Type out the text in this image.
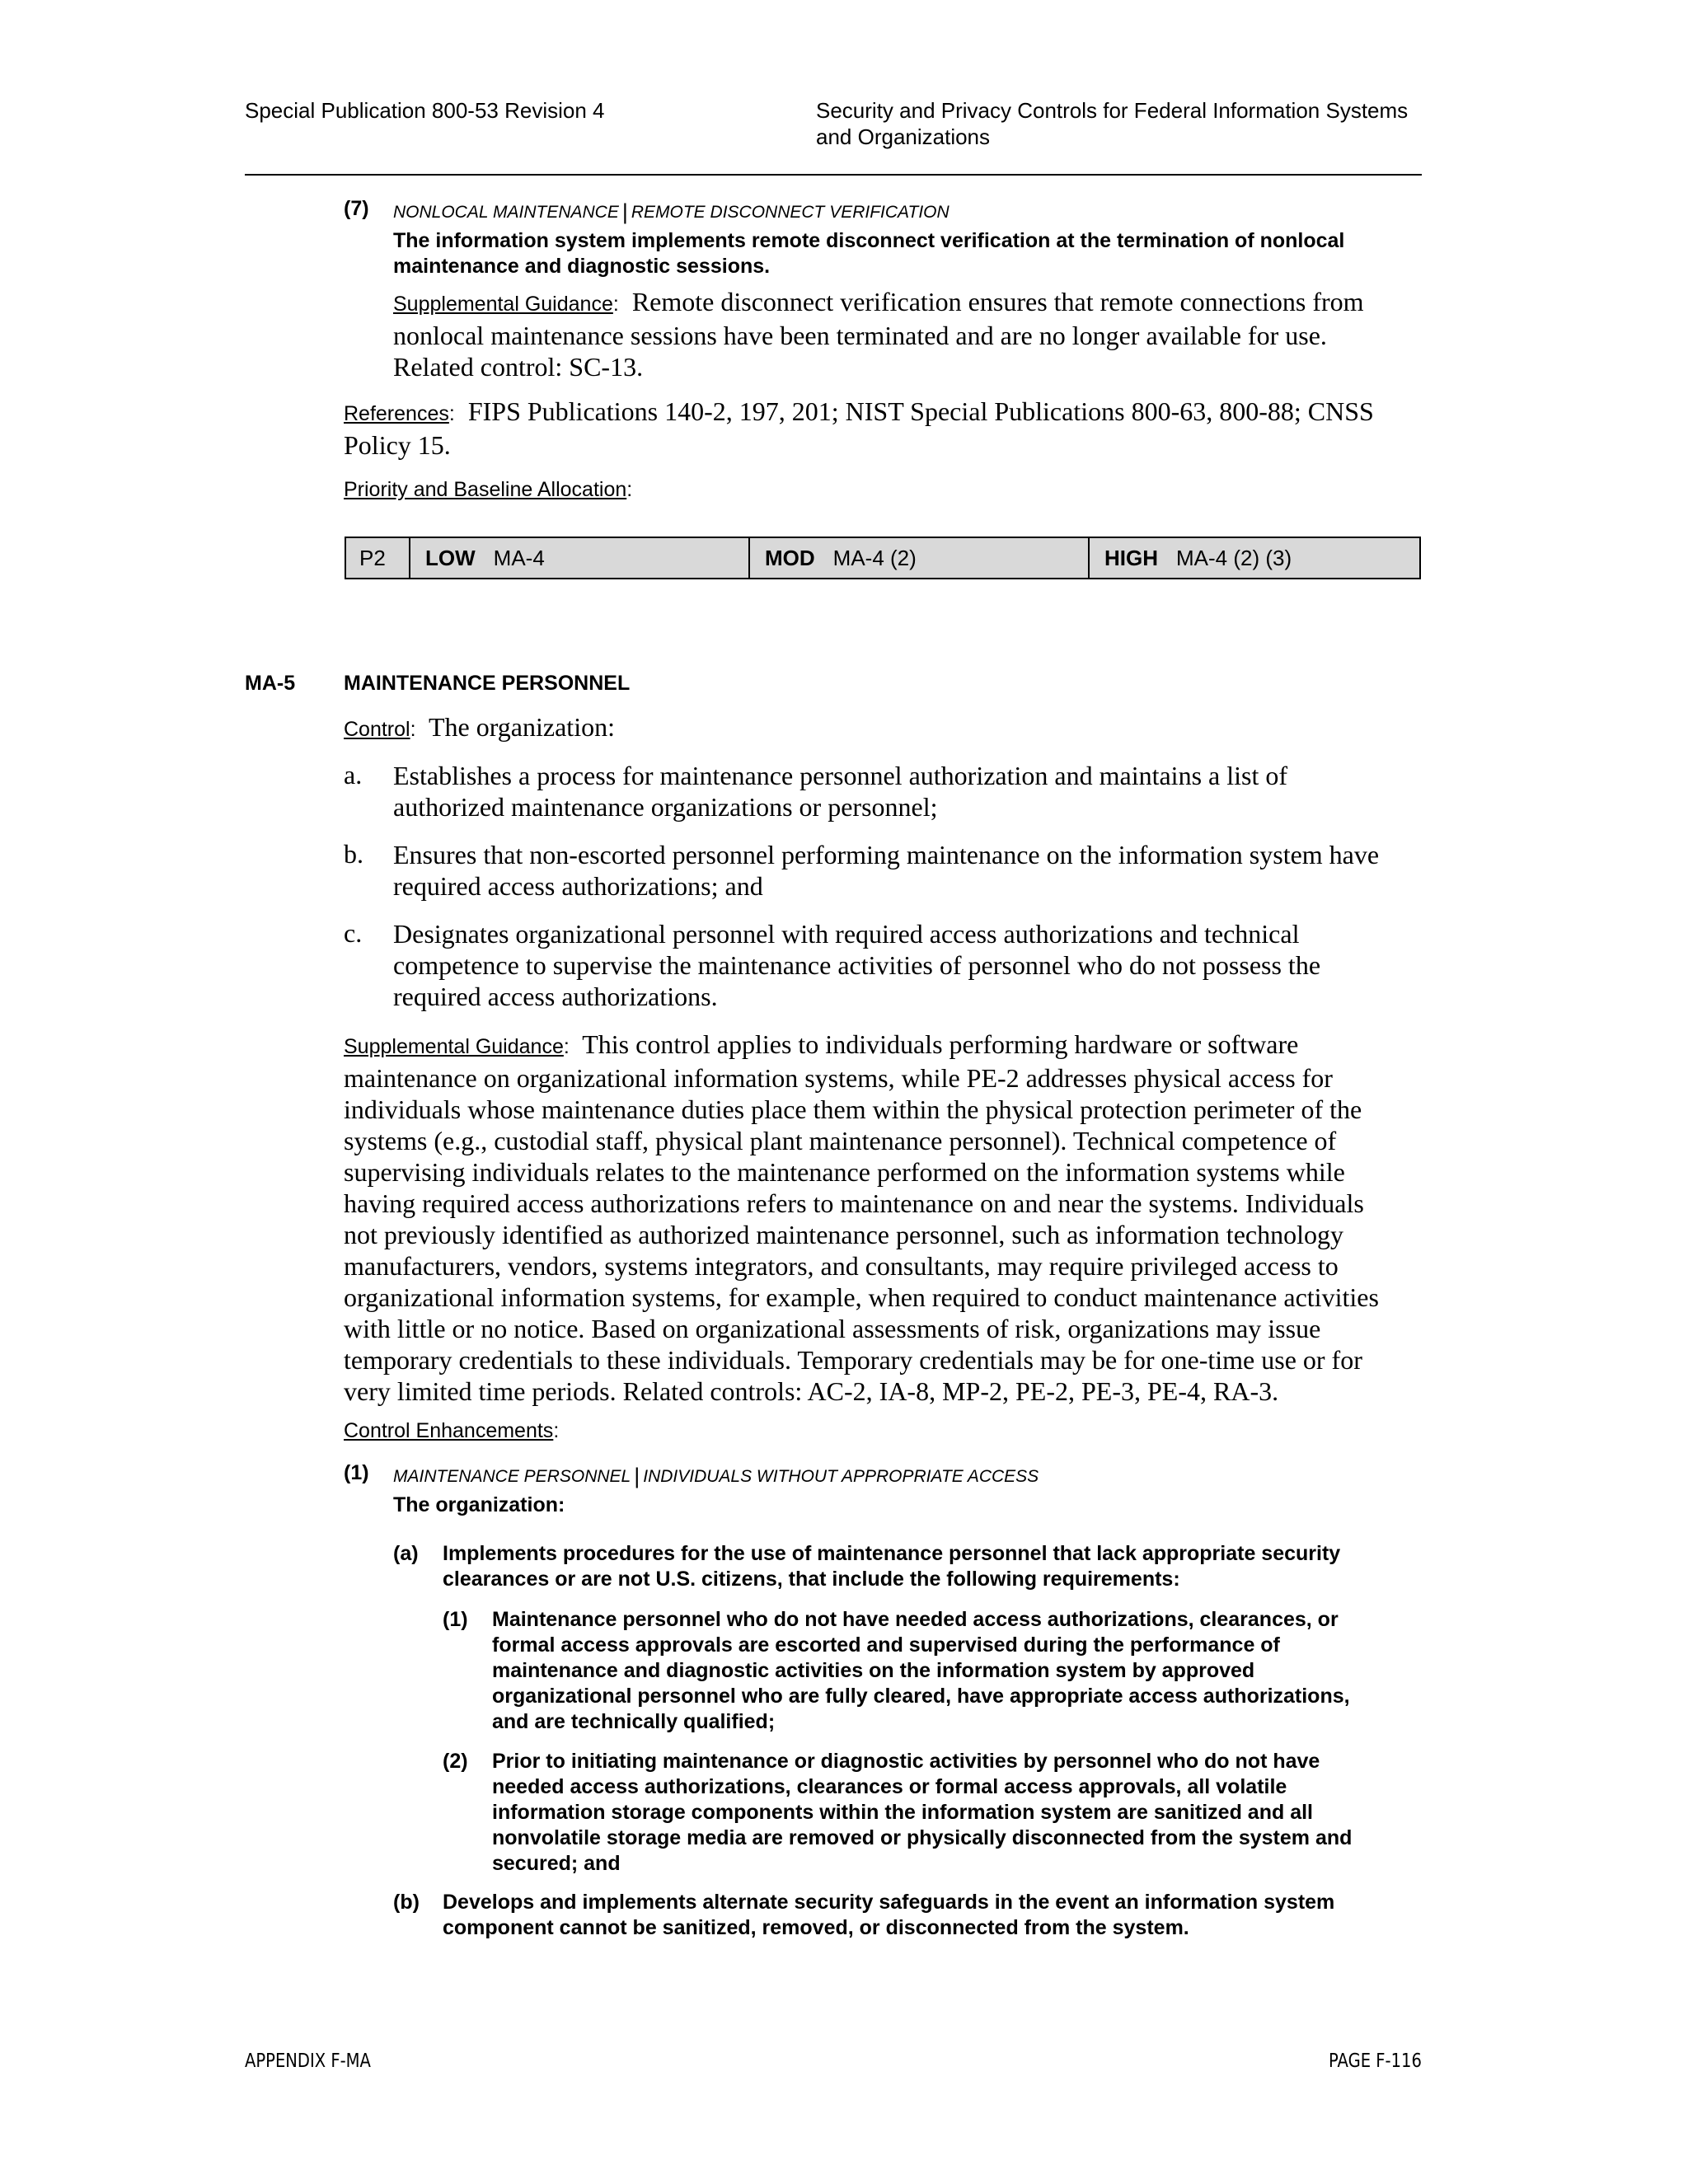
Special Publication 800-53 Revision 4	Security and Privacy Controls for Federal Information Systems
and Organizations
(7) NONLOCAL MAINTENANCE | REMOTE DISCONNECT VERIFICATION
The information system implements remote disconnect verification at the termination of nonlocal
maintenance and diagnostic sessions.
Supplemental Guidance: Remote disconnect verification ensures that remote connections from
nonlocal maintenance sessions have been terminated and are no longer available for use.
Related control: SC-13.
References: FIPS Publications 140-2, 197, 201; NIST Special Publications 800-63, 800-88; CNSS
Policy 15.
Priority and Baseline Allocation:
P2 LOW MA-4	MOD MA-4 (2)	HIGH MA-4 (2) (3)
MA-5 MAINTENANCE PERSONNEL
Control: The organization:
a. Establishes a process for maintenance personnel authorization and maintains a list of
authorized maintenance organizations or personnel;
b. Ensures that non-escorted personnel performing maintenance on the information system have
required access authorizations; and
c. Designates organizational personnel with required access authorizations and technical
competence to supervise the maintenance activities of personnel who do not possess the
required access authorizations.
Supplemental Guidance: This control applies to individuals performing hardware or software
maintenance on organizational information systems, while PE-2 addresses physical access for
individuals whose maintenance duties place them within the physical protection perimeter of the
systems (e.g., custodial staff, physical plant maintenance personnel). Technical competence of
supervising individuals relates to the maintenance performed on the information systems while
having required access authorizations refers to maintenance on and near the systems. Individuals
not previously identified as authorized maintenance personnel, such as information technology
manufacturers, vendors, systems integrators, and consultants, may require privileged access to
organizational information systems, for example, when required to conduct maintenance activities
with little or no notice. Based on organizational assessments of risk, organizations may issue
temporary credentials to these individuals. Temporary credentials may be for one-time use or for
very limited time periods. Related controls: AC-2, IA-8, MP-2, PE-2, PE-3, PE-4, RA-3.
Control Enhancements:
(1) MAINTENANCE PERSONNEL | INDIVIDUALS WITHOUT APPROPRIATE ACCESS
The organization:
(a) Implements procedures for the use of maintenance personnel that lack appropriate security
clearances or are not U.S. citizens, that include the following requirements:
(1) Maintenance personnel who do not have needed access authorizations, clearances, or
formal access approvals are escorted and supervised during the performance of
maintenance and diagnostic activities on the information system by approved
organizational personnel who are fully cleared, have appropriate access authorizations,
and are technically qualified;
(2) Prior to initiating maintenance or diagnostic activities by personnel who do not have
needed access authorizations, clearances or formal access approvals, all volatile
information storage components within the information system are sanitized and all
nonvolatile storage media are removed or physically disconnected from the system and
secured; and
(b) Develops and implements alternate security safeguards in the event an information system
component cannot be sanitized, removed, or disconnected from the system.
APPENDIX F-MA	PAGE F-116
